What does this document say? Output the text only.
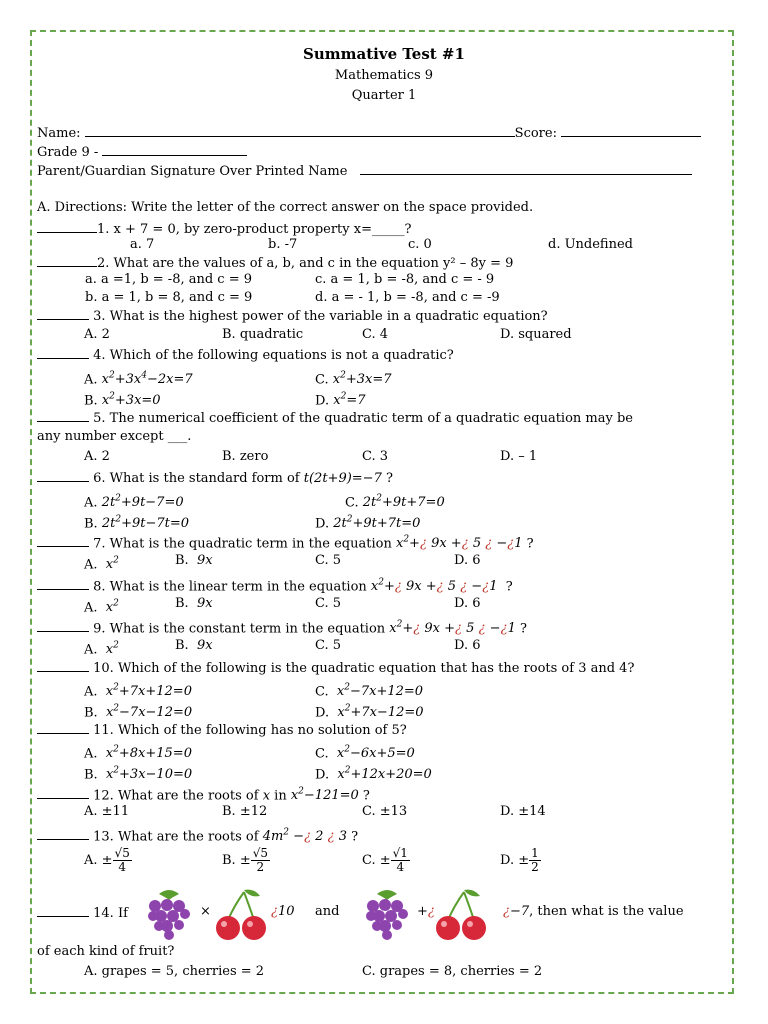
Summative Test #1
Mathematics 9
Quarter 1
Name:	Score:
Grade 9 -
Parent/Guardian Signature Over Printed Name
A. Directions: Write the letter of the correct answer on the space provided.
1. x + 7 = 0, by zero-product property x=_____?
a. 7	b. -7	c. 0	d. Undefined
2. What are the values of a, b, and c in the equation y² – 8y = 9
a. a =1, b = -8, and c = 9	c. a = 1, b = -8, and c = - 9
b. a = 1, b = 8, and c = 9	d. a = - 1, b = -8, and c = -9
3. What is the highest power of the variable in a quadratic equation?
A. 2	B. quadratic	C. 4	D. squared
4. Which of the following equations is not a quadratic?
A. $x^2+3x^4-2x=7$	C. $x^2+3x=7$
B. $x^2+3x=0$	D. $x^2=7$
5. The numerical coefficient of the quadratic term of a quadratic equation may be
any number except ___.
A. 2	B. zero	C. 3	D. – 1
6. What is the standard form of t(2t+9)=−7 ?
A. $2t^2+9t-7=0$	C. $2t^2+9t+7=0$
B. $2t^2+9t-7t=0$	D. $2t^2+9t+7t=0$
7. What is the quadratic term in the equation $x^2+¿$ 9x +¿ 5 ¿ −¿1 ?
A.  $x^2$	B.  9x	C. 5	D. 6
8. What is the linear term in the equation $x^2+¿$ 9x +¿ 5 ¿ −¿1  ?
A.  $x^2$	B.  9x	C. 5	D. 6
9. What is the constant term in the equation $x^2+¿$ 9x +¿ 5 ¿ −¿1 ?
A.  $x^2$	B.  9x	C. 5	D. 6
10. Which of the following is the quadratic equation that has the roots of 3 and 4?
A.  $x^2+7x+12=0$	C.  $x^2-7x+12=0$
B.  $x^2-7x-12=0$	D.  $x^2+7x-12=0$
11. Which of the following has no solution of 5?
A.  $x^2+8x+15=0$	C.  $x^2-6x+5=0$
B.  $x^2+3x-10=0$	D.  $x^2+12x+20=0$
12. What are the roots of x in $x^2-121=0$ ?
A. ±11	B. ±12	C. ±13	D. ±14
13. What are the roots of $4m^2$ −¿ 2 ¿ 3 ?
A. ± $\frac{√5}{4}$	B. ± $\frac{√5}{2}$	C. ± $\frac{√1}{4}$	D. ± $\frac{1}{2}$
14. If	×	¿10 and	+¿	¿−7, then what is the value
of each kind of fruit?
A. grapes = 5, cherries = 2	C. grapes = 8, cherries = 2
